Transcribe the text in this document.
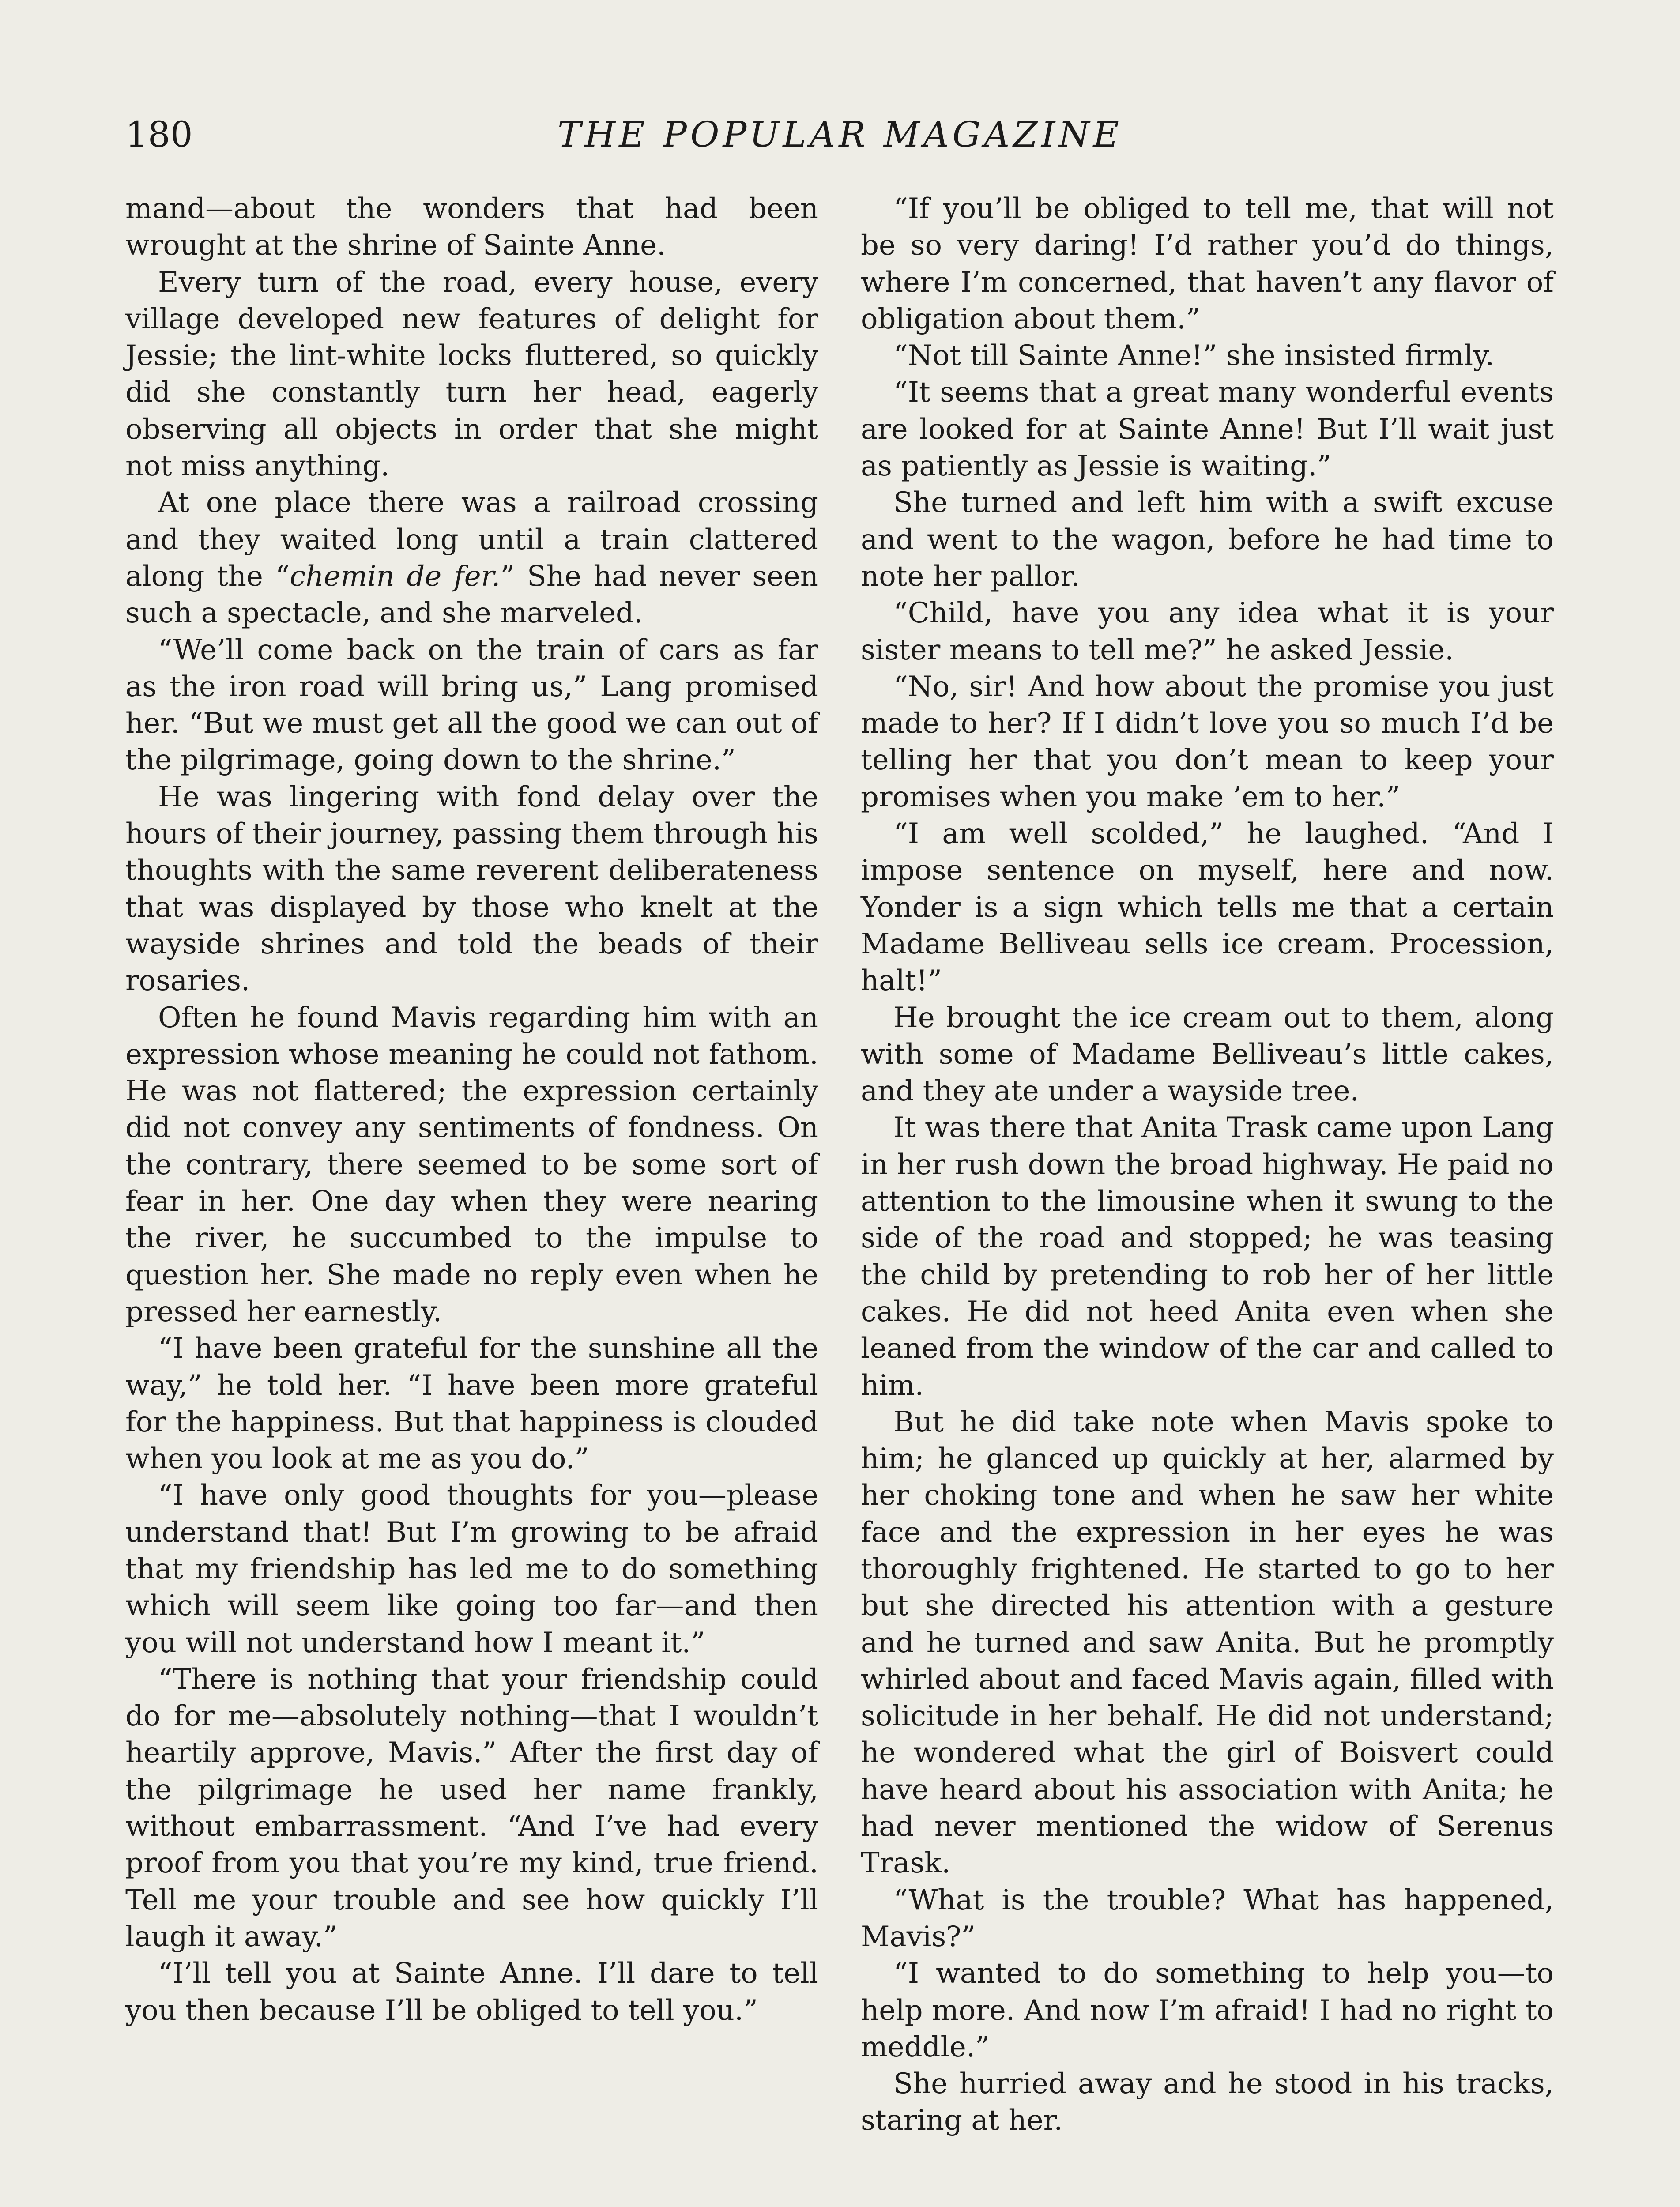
180	THE POPULAR MAGAZINE

mand—about the wonders that had been wrought at the shrine of Sainte Anne.

Every turn of the road, every house, every village developed new features of delight for Jessie; the lint-white locks fluttered, so quickly did she constantly turn her head, eagerly observing all objects in order that she might not miss anything.

At one place there was a railroad crossing and they waited long until a train clattered along the “chemin de fer.” She had never seen such a spectacle, and she marveled.

“We’ll come back on the train of cars as far as the iron road will bring us,” Lang promised her. “But we must get all the good we can out of the pilgrimage, going down to the shrine.”

He was lingering with fond delay over the hours of their journey, passing them through his thoughts with the same reverent deliberateness that was displayed by those who knelt at the wayside shrines and told the beads of their rosaries.

Often he found Mavis regarding him with an expression whose meaning he could not fathom. He was not flattered; the expression certainly did not convey any sentiments of fondness. On the contrary, there seemed to be some sort of fear in her. One day when they were nearing the river, he succumbed to the impulse to question her. She made no reply even when he pressed her earnestly.

“I have been grateful for the sunshine all the way,” he told her. “I have been more grateful for the happiness. But that happiness is clouded when you look at me as you do.”

“I have only good thoughts for you—please understand that! But I’m growing to be afraid that my friendship has led me to do something which will seem like going too far—and then you will not understand how I meant it.”

“There is nothing that your friendship could do for me—absolutely nothing—that I wouldn’t heartily approve, Mavis.” After the first day of the pilgrimage he used her name frankly, without embarrassment. “And I’ve had every proof from you that you’re my kind, true friend. Tell me your trouble and see how quickly I’ll laugh it away.”

“I’ll tell you at Sainte Anne. I’ll dare to tell you then because I’ll be obliged to tell you.”

“If you’ll be obliged to tell me, that will not be so very daring! I’d rather you’d do things, where I’m concerned, that haven’t any flavor of obligation about them.”

“Not till Sainte Anne!” she insisted firmly.

“It seems that a great many wonderful events are looked for at Sainte Anne! But I’ll wait just as patiently as Jessie is waiting.”

She turned and left him with a swift excuse and went to the wagon, before he had time to note her pallor.

“Child, have you any idea what it is your sister means to tell me?” he asked Jessie.

“No, sir! And how about the promise you just made to her? If I didn’t love you so much I’d be telling her that you don’t mean to keep your promises when you make ’em to her.”

“I am well scolded,” he laughed. “And I impose sentence on myself, here and now. Yonder is a sign which tells me that a certain Madame Belliveau sells ice cream. Procession, halt!”

He brought the ice cream out to them, along with some of Madame Belliveau’s little cakes, and they ate under a wayside tree.

It was there that Anita Trask came upon Lang in her rush down the broad highway. He paid no attention to the limousine when it swung to the side of the road and stopped; he was teasing the child by pretending to rob her of her little cakes. He did not heed Anita even when she leaned from the window of the car and called to him.

But he did take note when Mavis spoke to him; he glanced up quickly at her, alarmed by her choking tone and when he saw her white face and the expression in her eyes he was thoroughly frightened. He started to go to her but she directed his attention with a gesture and he turned and saw Anita. But he promptly whirled about and faced Mavis again, filled with solicitude in her behalf. He did not understand; he wondered what the girl of Boisvert could have heard about his association with Anita; he had never mentioned the widow of Serenus Trask.

“What is the trouble? What has happened, Mavis?”

“I wanted to do something to help you—to help more. And now I’m afraid! I had no right to meddle.”

She hurried away and he stood in his tracks, staring at her.
